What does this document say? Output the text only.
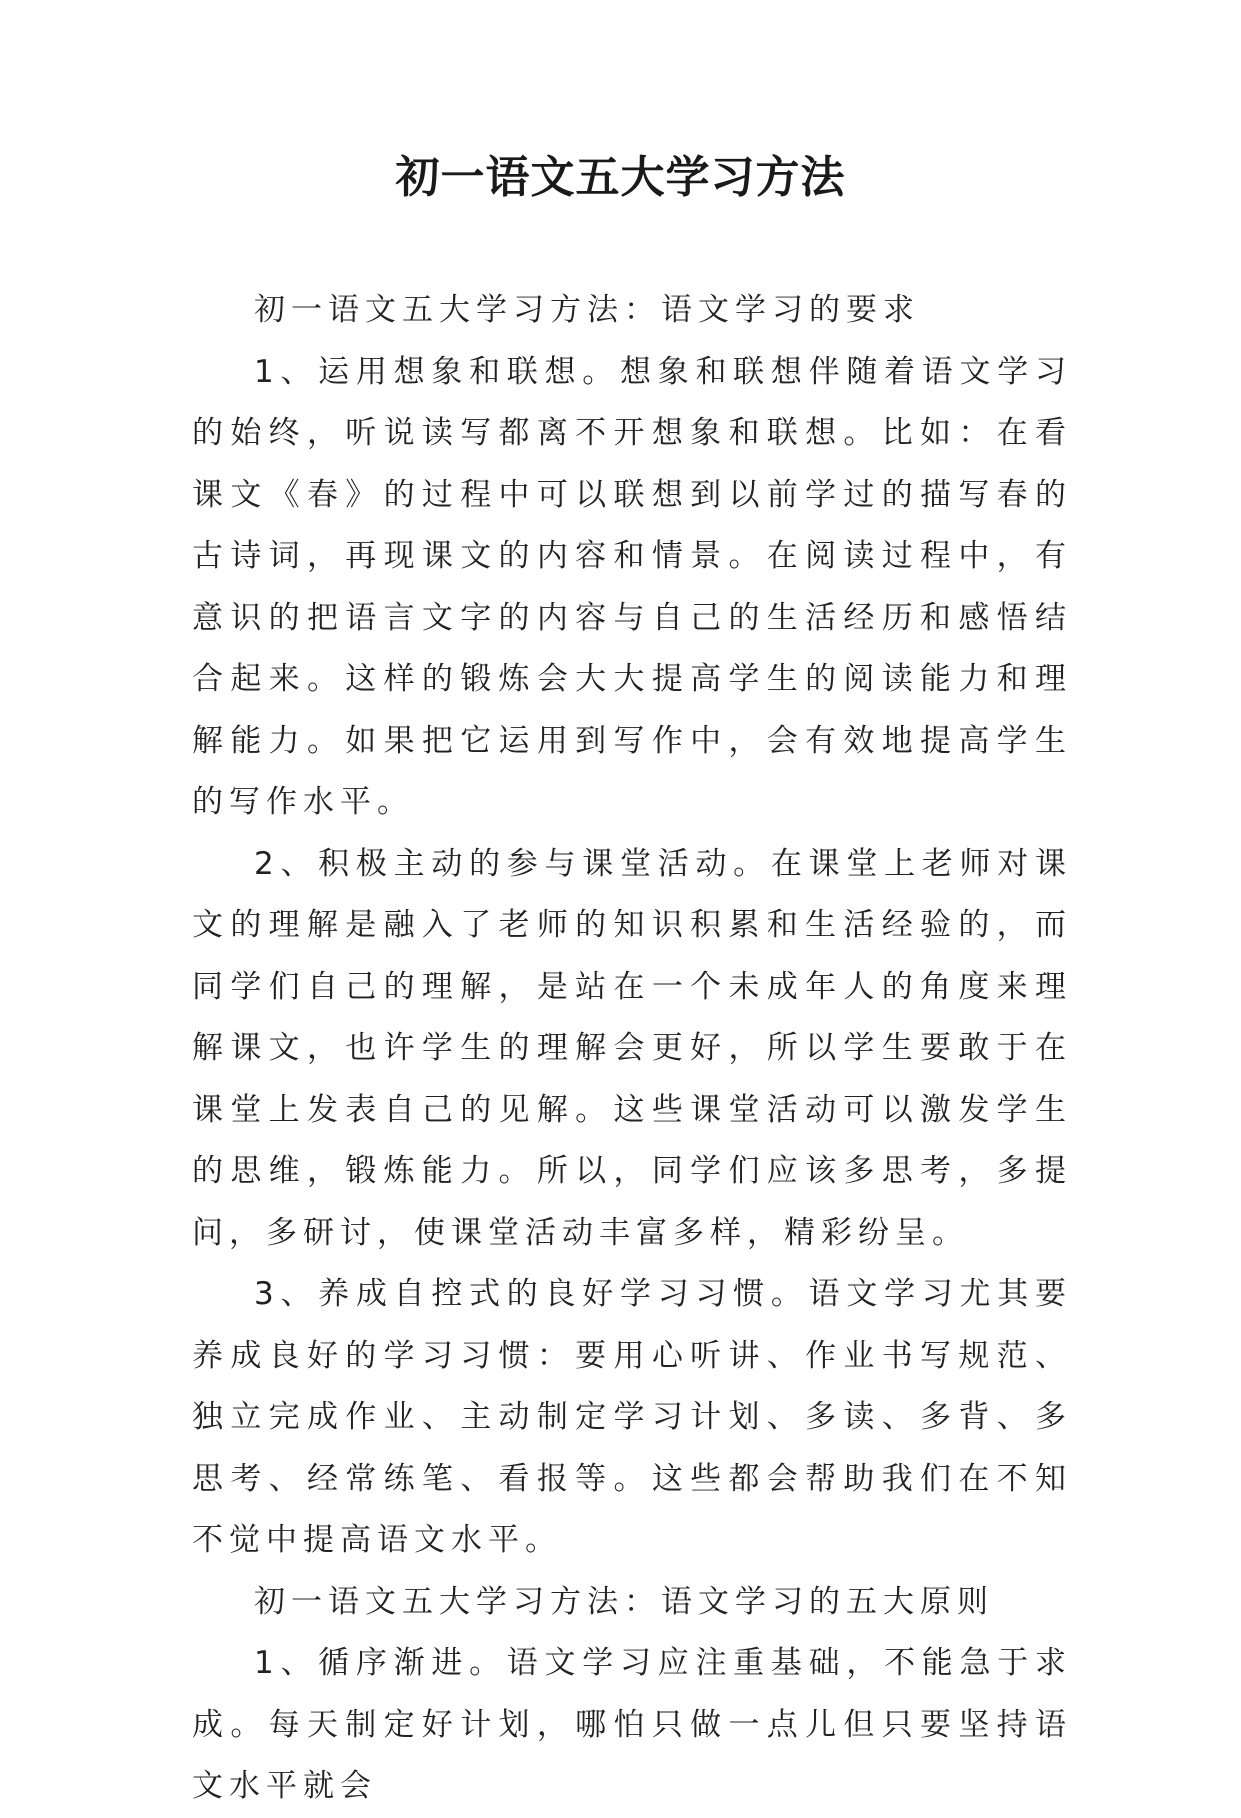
初一语文五大学习方法

初一语文五大学习方法：语文学习的要求

1、运用想象和联想。想象和联想伴随着语文学习的始终，听说读写都离不开想象和联想。比如：在看课文《春》的过程中可以联想到以前学过的描写春的古诗词，再现课文的内容和情景。在阅读过程中，有意识的把语言文字的内容与自己的生活经历和感悟结合起来。这样的锻炼会大大提高学生的阅读能力和理解能力。如果把它运用到写作中，会有效地提高学生的写作水平。

2、积极主动的参与课堂活动。在课堂上老师对课文的理解是融入了老师的知识积累和生活经验的，而同学们自己的理解，是站在一个未成年人的角度来理解课文，也许学生的理解会更好，所以学生要敢于在课堂上发表自己的见解。这些课堂活动可以激发学生的思维，锻炼能力。所以，同学们应该多思考，多提问，多研讨，使课堂活动丰富多样，精彩纷呈。

3、养成自控式的良好学习习惯。语文学习尤其要养成良好的学习习惯：要用心听讲、作业书写规范、独立完成作业、主动制定学习计划、多读、多背、多思考、经常练笔、看报等。这些都会帮助我们在不知不觉中提高语文水平。

初一语文五大学习方法：语文学习的五大原则

1、循序渐进。语文学习应注重基础，不能急于求成。每天制定好计划，哪怕只做一点儿但只要坚持语文水平就会
